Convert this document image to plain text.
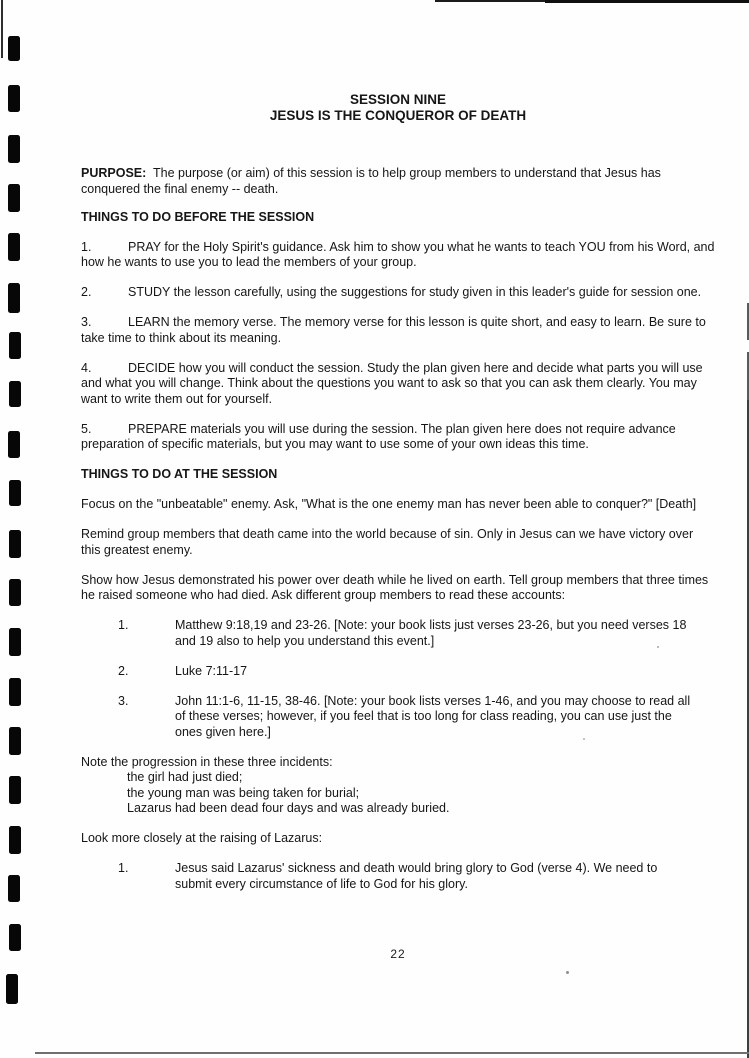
SESSION NINE
JESUS IS THE CONQUEROR OF DEATH

PURPOSE: The purpose (or aim) of this session is to help group members to understand that Jesus has conquered the final enemy -- death.

THINGS TO DO BEFORE THE SESSION

1.	PRAY for the Holy Spirit's guidance. Ask him to show you what he wants to teach YOU from his Word, and how he wants to use you to lead the members of your group.

2.	STUDY the lesson carefully, using the suggestions for study given in this leader's guide for session one.

3.	LEARN the memory verse. The memory verse for this lesson is quite short, and easy to learn. Be sure to take time to think about its meaning.

4.	DECIDE how you will conduct the session. Study the plan given here and decide what parts you will use and what you will change. Think about the questions you want to ask so that you can ask them clearly. You may want to write them out for yourself.

5.	PREPARE materials you will use during the session. The plan given here does not require advance preparation of specific materials, but you may want to use some of your own ideas this time.

THINGS TO DO AT THE SESSION

Focus on the "unbeatable" enemy. Ask, "What is the one enemy man has never been able to conquer?" [Death]

Remind group members that death came into the world because of sin. Only in Jesus can we have victory over this greatest enemy.

Show how Jesus demonstrated his power over death while he lived on earth. Tell group members that three times he raised someone who had died. Ask different group members to read these accounts:

1.	Matthew 9:18,19 and 23-26. [Note: your book lists just verses 23-26, but you need verses 18 and 19 also to help you understand this event.]
2.	Luke 7:11-17
3.	John 11:1-6, 11-15, 38-46. [Note: your book lists verses 1-46, and you may choose to read all of these verses; however, if you feel that is too long for class reading, you can use just the ones given here.]
Note the progression in these three incidents:
the girl had just died;
the young man was being taken for burial;
Lazarus had been dead four days and was already buried.

Look more closely at the raising of Lazarus:

1.	Jesus said Lazarus' sickness and death would bring glory to God (verse 4). We need to submit every circumstance of life to God for his glory.
22
